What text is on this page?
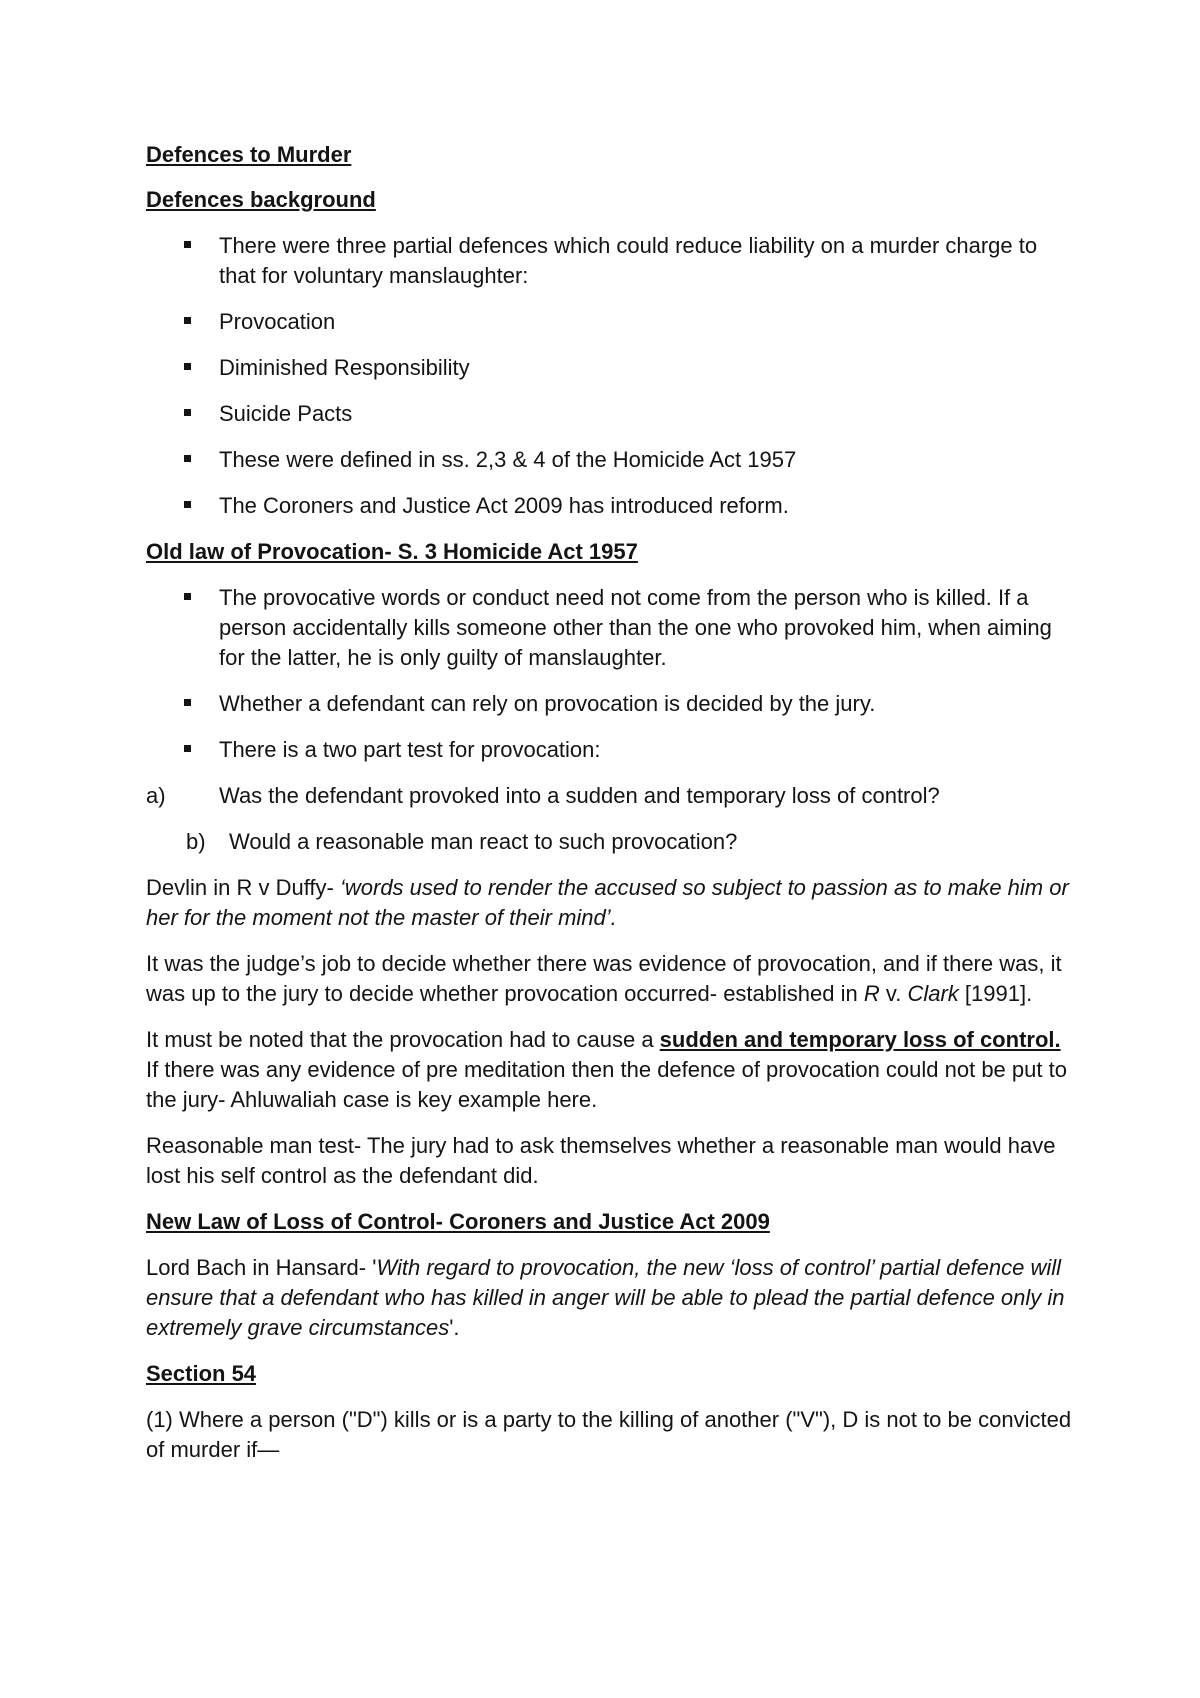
Defences to Murder
Defences background
There were three partial defences which could reduce liability on a murder charge to that for voluntary manslaughter:
Provocation
Diminished Responsibility
Suicide Pacts
These were defined in ss. 2,3 & 4 of the Homicide Act 1957
The Coroners and Justice Act 2009 has introduced reform.
Old law of Provocation- S. 3 Homicide Act 1957
The provocative words or conduct need not come from the person who is killed. If a person accidentally kills someone other than the one who provoked him, when aiming for the latter, he is only guilty of manslaughter.
Whether a defendant can rely on provocation is decided by the jury.
There is a two part test for provocation:
a) Was the defendant provoked into a sudden and temporary loss of control?
b) Would a reasonable man react to such provocation?

Devlin in R v Duffy- ‘words used to render the accused so subject to passion as to make him or her for the moment not the master of their mind’.

It was the judge’s job to decide whether there was evidence of provocation, and if there was, it was up to the jury to decide whether provocation occurred- established in R v. Clark [1991].

It must be noted that the provocation had to cause a sudden and temporary loss of control. If there was any evidence of pre meditation then the defence of provocation could not be put to the jury- Ahluwaliah case is key example here.

Reasonable man test- The jury had to ask themselves whether a reasonable man would have lost his self control as the defendant did.

New Law of Loss of Control- Coroners and Justice Act 2009

Lord Bach in Hansard- 'With regard to provocation, the new ‘loss of control’ partial defence will ensure that a defendant who has killed in anger will be able to plead the partial defence only in extremely grave circumstances'.

Section 54

(1) Where a person ("D") kills or is a party to the killing of another ("V"), D is not to be convicted of murder if—
